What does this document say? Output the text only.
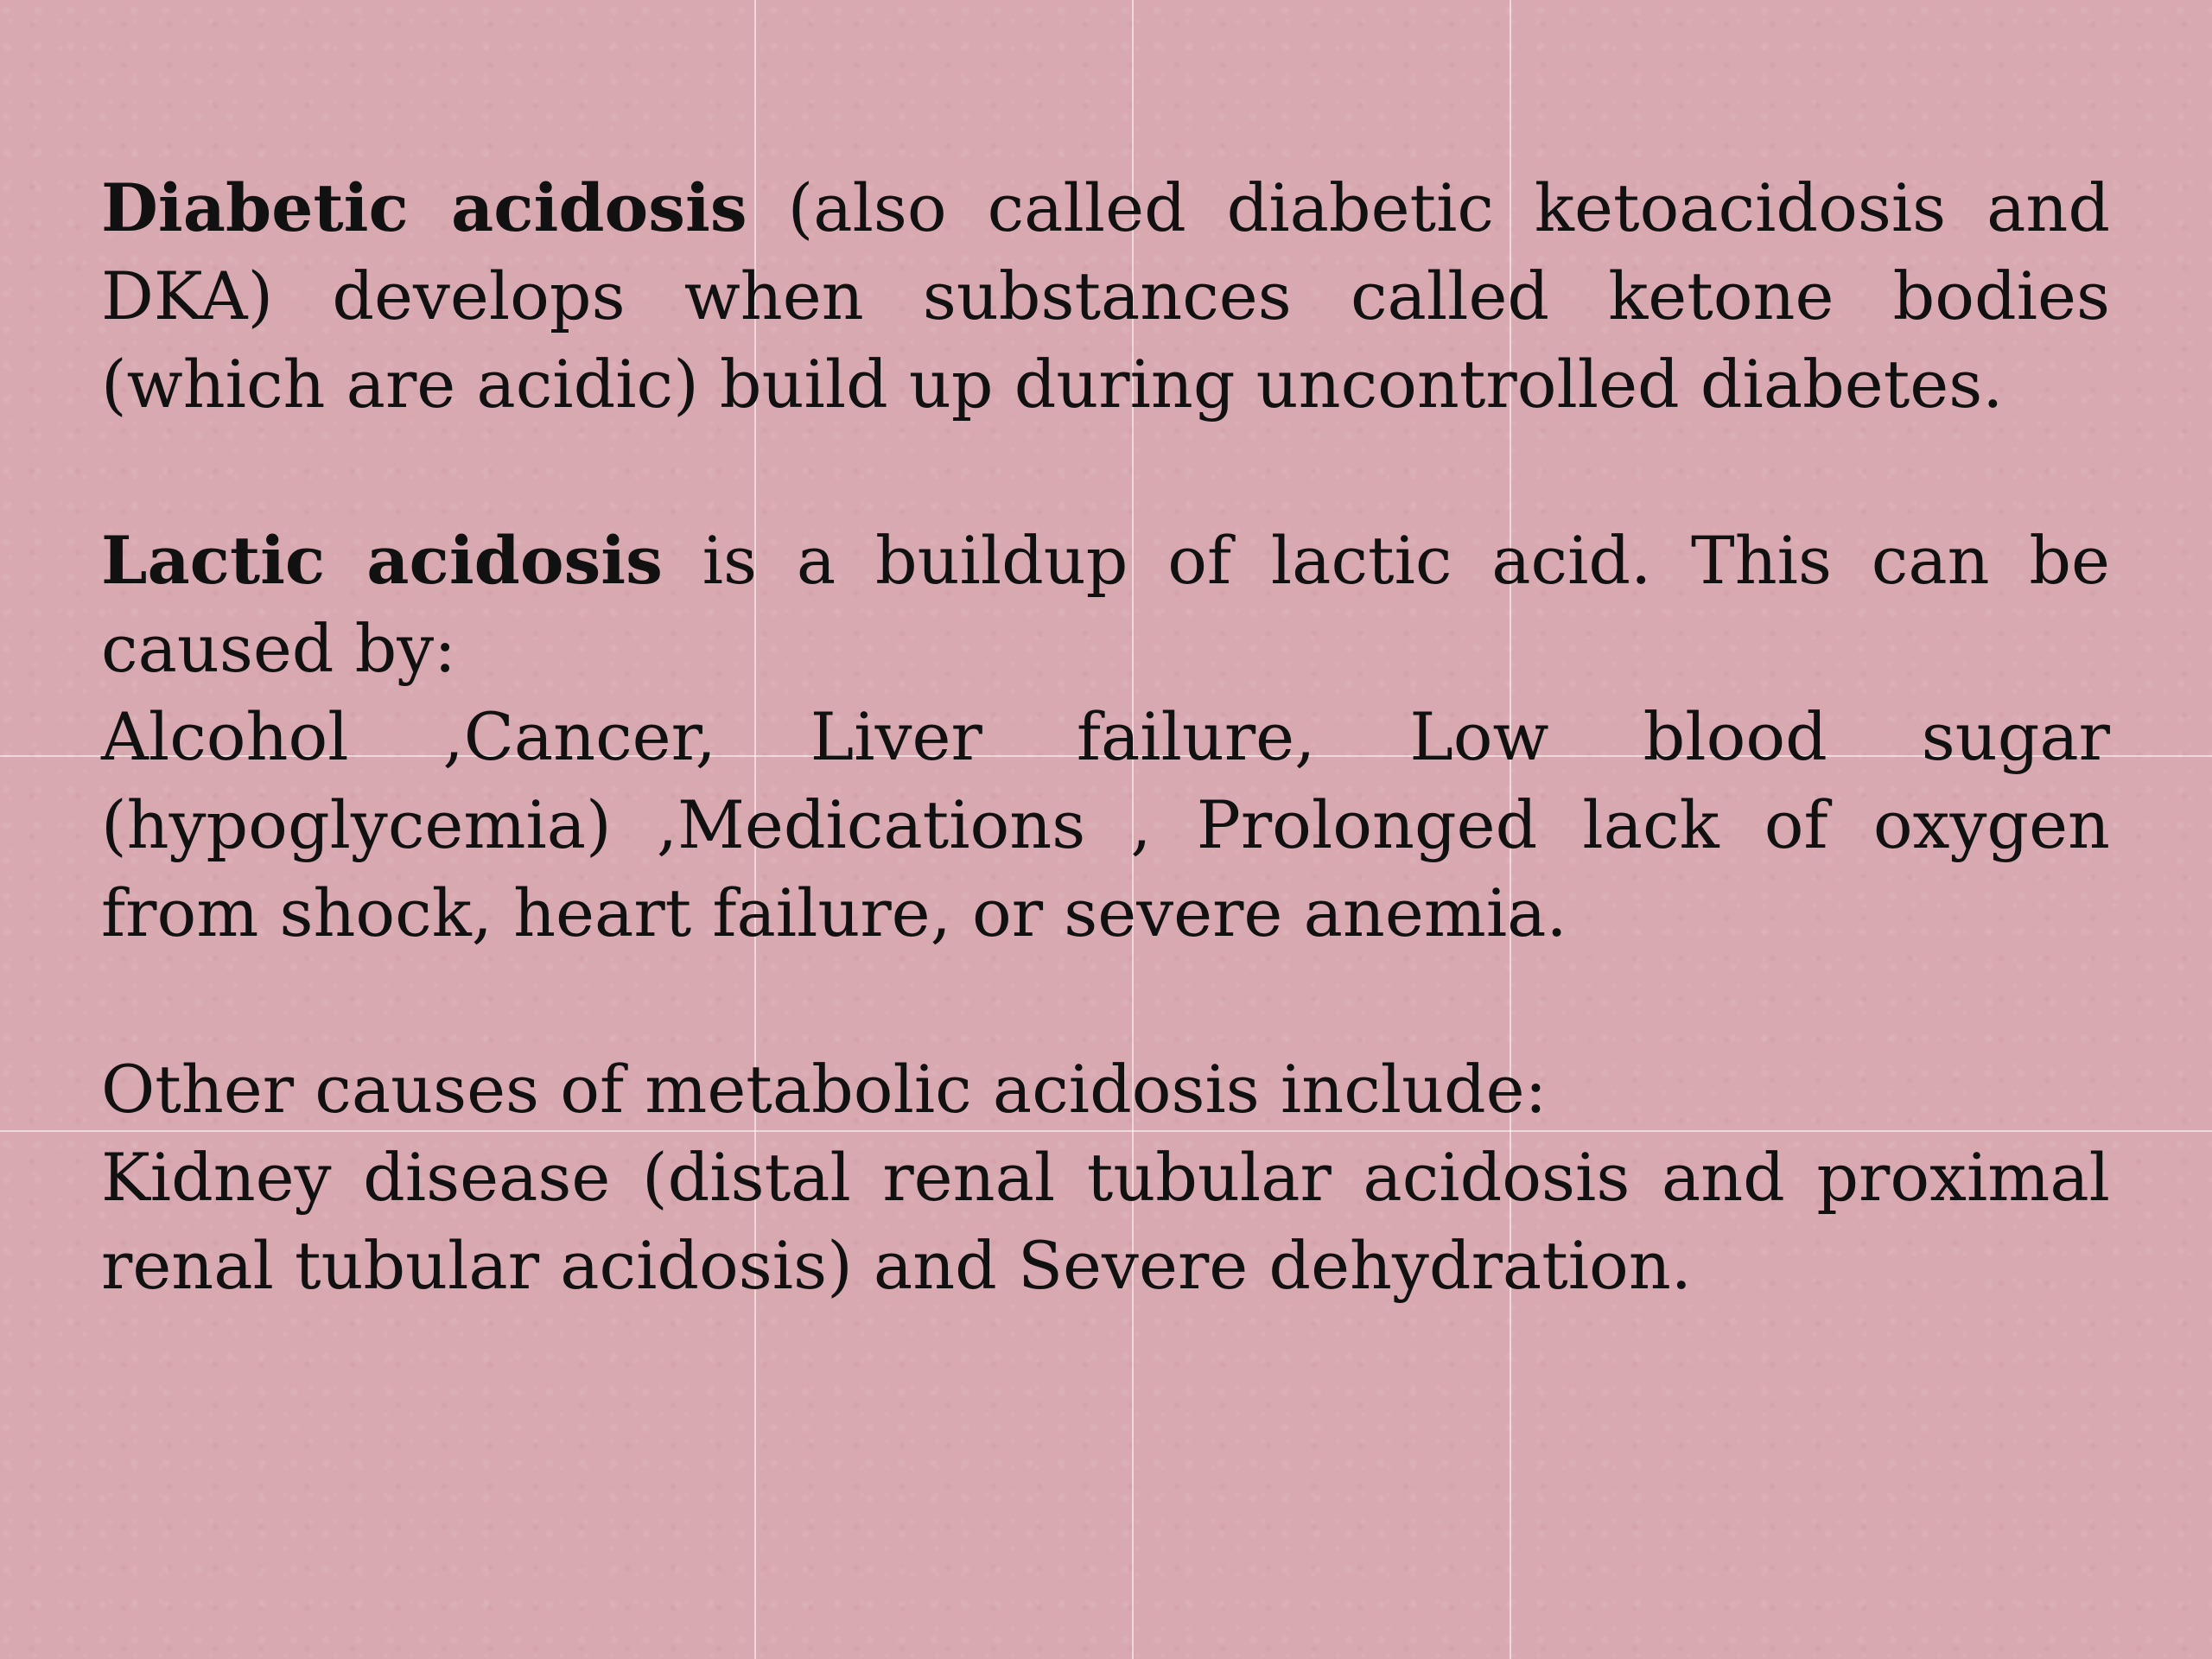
Diabetic acidosis (also called diabetic ketoacidosis and DKA) develops when substances called ketone bodies (which are acidic) build up during uncontrolled diabetes.

Lactic acidosis is a buildup of lactic acid. This can be caused by:
Alcohol ,Cancer, Liver failure, Low blood sugar (hypoglycemia) ,Medications , Prolonged lack of oxygen from shock, heart failure, or severe anemia.

Other causes of metabolic acidosis include:
Kidney disease (distal renal tubular acidosis and proximal renal tubular acidosis) and Severe dehydration.
